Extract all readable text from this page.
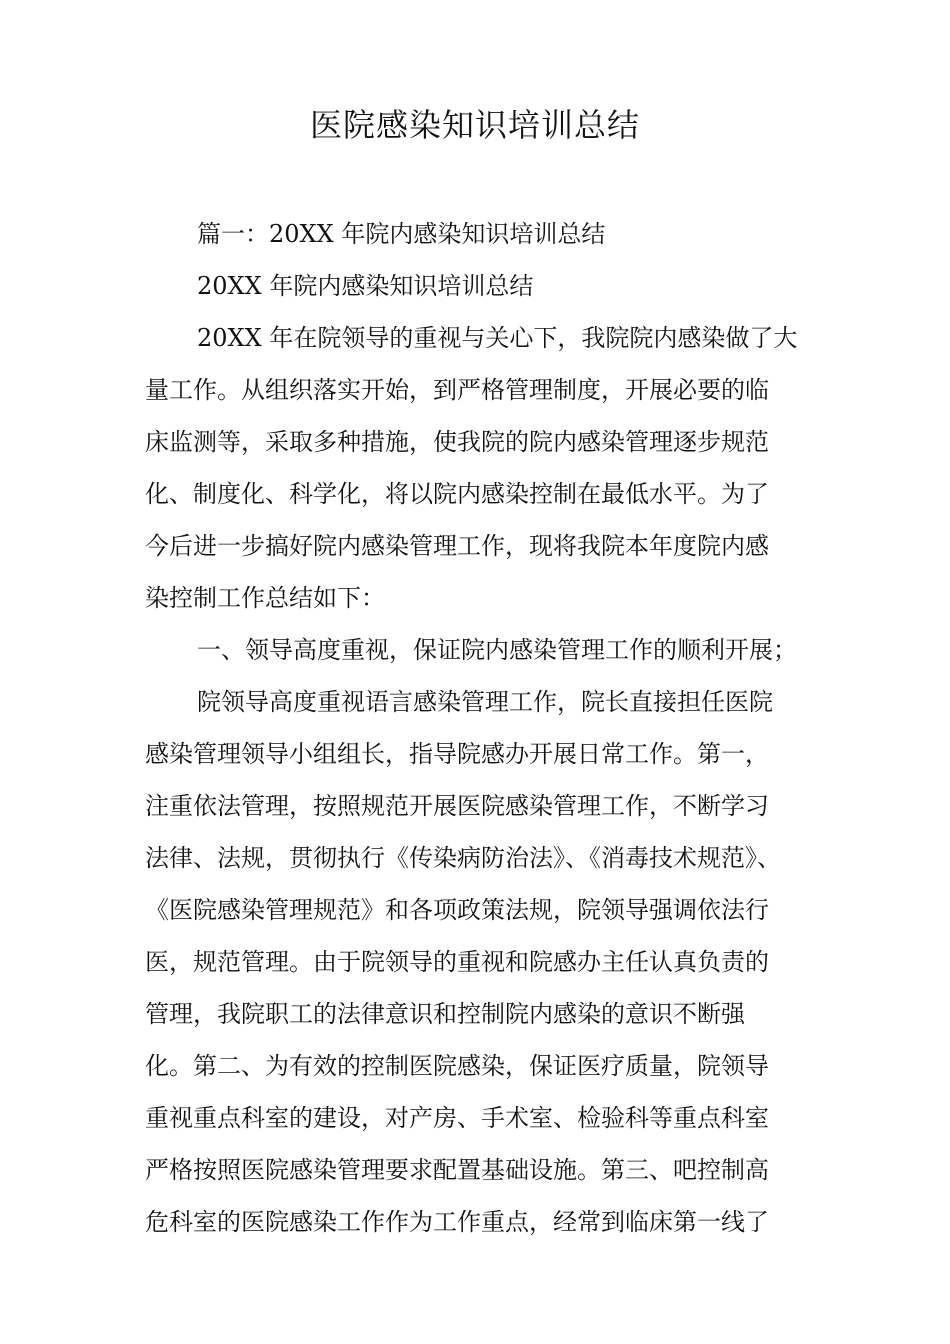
医院感染知识培训总结
篇一：20XX 年院内感染知识培训总结
20XX 年院内感染知识培训总结
20XX 年在院领导的重视与关心下，我院院内感染做了大
量工作。从组织落实开始，到严格管理制度，开展必要的临
床监测等，采取多种措施，使我院的院内感染管理逐步规范
化、制度化、科学化，将以院内感染控制在最低水平。为了
今后进一步搞好院内感染管理工作，现将我院本年度院内感
染控制工作总结如下：
一、领导高度重视，保证院内感染管理工作的顺利开展；
院领导高度重视语言感染管理工作，院长直接担任医院
感染管理领导小组组长，指导院感办开展日常工作。第一，
注重依法管理，按照规范开展医院感染管理工作，不断学习
法律、法规，贯彻执行《传染病防治法》、《消毒技术规范》、
《医院感染管理规范》和各项政策法规，院领导强调依法行
医，规范管理。由于院领导的重视和院感办主任认真负责的
管理，我院职工的法律意识和控制院内感染的意识不断强
化。第二、为有效的控制医院感染，保证医疗质量，院领导
重视重点科室的建设，对产房、手术室、检验科等重点科室
严格按照医院感染管理要求配置基础设施。第三、吧控制高
危科室的医院感染工作作为工作重点，经常到临床第一线了
